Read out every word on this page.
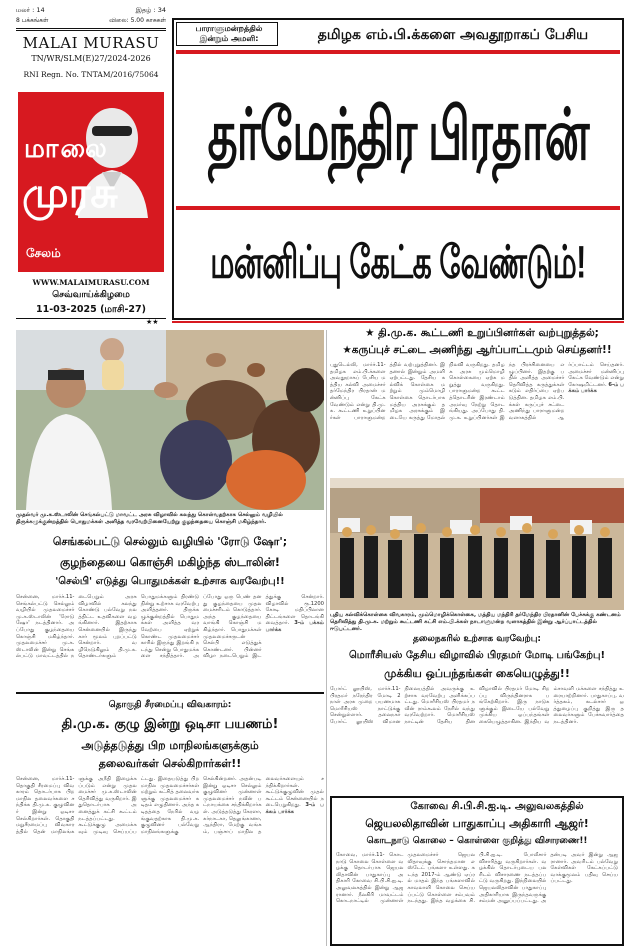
மலர் : 14	இதழ் : 34
8 பக்கங்கள்	விலை: 5.00 காசுகள்
MALAI MURASU
TN/WR/SLM(E)27/2024-2026
RNI Regn. No. TNTAM/2016/75064
மாலை
முரசு
சேலம்
WWW.MALAIMURASU.COM
செவ்வாய்க்கிழமை
11-03-2025 (மாசி-27)
★★
பாராளுமன்றத்தில் இன்றும் அமளி:	தமிழக எம்.பி.க்களை அவதூறாகப் பேசிய
தர்மேந்திர பிரதான்
மன்னிப்பு கேட்க வேண்டும்!
★ தி.மு.க. கூட்டணி உறுப்பினர்கள் வற்புறுத்தல்;
★கருப்புச் சட்டை அணிந்து ஆர்ப்பாட்டமும் செய்தனர்!!
புதுடெல்லி, மார்ச்.11- தமிழக எம்.பி.க்களை அவதூறாகப் பேசிய மத்திய கல்வி அமைச்சர் தர்மேந்திர பிரதான் மன்னிப்பு கேட்க வேண்டும் என்று தி.மு.க. கூட்டணி உறுப்பினர்கள் பாராளுமன்றத்தில் வற்புறுத்தினர். இதனால் இன்றும் அமளி ஏற்பட்டது. தேசிய கல்விக் கொள்கை மற்றும் மும்மொழி கொள்கை தொடர்பாக மத்திய அரசுக்கும் தமிழக அரசுக்கும் இடையே கருத்து மோதல் நிலவி வருகிறது. தமிழக அரசு மும்மொழி கொள்கையை ஏற்க மறுத்து வருகிறது. பாராளுமன்ற கூட்டத்தொடரின் இரண்டாம் அமர்வு நேற்று தொடங்கியது. அப்போது தி.மு.க. உறுப்பினர்கள் இந்த பிரச்சினையை எழுப்பினர். இதற்கு பதில் அளித்த அமைச்சர் தெரிவித்த கருத்துக்கள் கடும் எதிர்ப்பை ஏற்படுத்தின. தமிழக எம்.பி.க்கள் கருப்புச் சட்டை அணிந்து பாராளுமன்ற வளாகத்தில் ஆர்ப்பாட்டம் செய்தனர். அமைச்சர் மன்னிப்பு கேட்க வேண்டும் என்று கோஷமிட்டனர். 6-ம் பக்கம் பார்க்க
முதல்வர் மு.க.ஸ்டாலின் செங்கல்பட்டு மாவட்ட அரசு விழாவில் கலந்து கொள்வதற்காக செல்லும் வழியில் திருக்கழுக்குன்றத்தில் பொதுமக்கள் அளித்த வரவேற்பினையேற்று குழந்தையை கொஞ்சி மகிழ்ந்தார்.
செங்கல்பட்டு செல்லும் வழியில் 'ரோடு ஷோ';
குழந்தையை கொஞ்சி மகிழ்ந்த ஸ்டாலின்!
'செல்பி' எடுத்து பொதுமக்கள் உற்சாக வரவேற்பு!!
சென்னை, மார்ச்.11- செங்கல்பட்டு செல்லும் வழியில் முதலமைச்சர் மு.க.ஸ்டாலின் 'ரோடு ஷோ' நடத்தினார். அப்போது குழந்தையை கொஞ்சி மகிழ்ந்தார். முதலமைச்சர் மு.க.ஸ்டாலின் இன்று செங்கல்பட்டு மாவட்டத்தில் நடைபெறும் அரசு விழாவில் கலந்து கொண்டு பல்வேறு நலத்திட்ட உதவிகளை வழங்கினார். இதற்காக சென்னையில் இருந்து கார் மூலம் புறப்பட்டு சென்றார். வழிநெடுகிலும் தி.மு.க. தொண்டர்களும் பொதுமக்களும் திரண்டு நின்று உற்சாக வரவேற்பு அளித்தனர். திருக்கழுக்குன்றத்தில் பொதுமக்கள் அளித்த வரவேற்பை ஏற்றுக் கொண்ட முதலமைச்சர் காரில் இருந்து இறங்கி நடந்து சென்று பொதுமக்களை சந்தித்தார். அப்போது ஒரு பெண் தனது குழந்தையை முதலமைச்சரிடம் கொடுத்தார். அந்த குழந்தையை வாங்கி கொஞ்சி மகிழ்ந்தார். பொதுமக்கள் முதலமைச்சருடன் செல்பி எடுத்துக் கொண்டனர். பின்னர் விழா நடைபெறும் இடத்துக்கு சென்றார். விழாவில் ரூ.1200 கோடி மதிப்பிலான திட்டங்களை தொடங்கி வைத்தார். 3-ம் பக்கம் பார்க்க
புதிய கல்விக்கொள்கை விவகாரம், மும்மொழிக்கொள்கை, மத்திய மந்திரி தர்மேந்திர பிரதானின் பேச்சுக்கு கண்டனம் தெரிவித்து தி.மு.க. மற்றும் கூட்டணி கட்சி எம்.பி.க்கள் நாடாளுமன்ற வளாகத்தில் இன்று ஆர்ப்பாட்டத்தில் ஈடுபட்டனர்.
தலைநகரில் உற்சாக வரவேற்பு:
மொரீசியஸ் தேசிய விழாவில் பிரதமர் மோடி பங்கேற்பு!
முக்கிய ஒப்பந்தங்கள் கையெழுத்து!!
போர்ட் லூயிஸ், மார்ச்.11- பிரதமர் நரேந்திர மோடி 2 நாள் அரசு முறை பயணமாக மொரீசியஸ் நாட்டுக்கு சென்றுள்ளார். தலைநகர் போர்ட் லூயிஸ் விமான நிலையத்தில் அவருக்கு உற்சாக வரவேற்பு அளிக்கப்பட்டது. மொரீசியஸ் பிரதமர் நவீன் ராம்கூலம் நேரில் வந்து வரவேற்றார். மொரீசியஸ் நாட்டின் தேசிய தின விழாவில் பிரதமர் மோடி சிறப்பு விருந்தினராக பங்கேற்கிறார். இரு நாடுகளுக்கும் இடையே பல்வேறு முக்கிய ஒப்பந்தங்கள் கையெழுத்தாகின. இந்திய வம்சாவளி மக்களை சந்தித்து உரையாற்றினார். பாதுகாப்பு, வர்த்தகம், கடல்சார் ஒத்துழைப்பு குறித்து இரு தலைவர்களும் பேச்சுவார்த்தை நடத்தினர்.
தொகுதி சீரமைப்பு விவகாரம்:
தி.மு.க. குழு இன்று ஒடிசா பயணம்!
அடுத்தடுத்து பிற மாநிலங்களுக்கும்
தலைவர்கள் செல்கிறார்கள்!!
சென்னை, மார்ச்.11- தொகுதி சீரமைப்பு விவகாரம் தொடர்பாக பிற மாநில தலைவர்களை சந்திக்க தி.மு.க. குழுவினர் இன்று ஒடிசா செல்கிறார்கள். தொகுதி மறுசீரமைப்பு விவகாரத்தில் தென் மாநிலங்களுக்கு அநீதி இழைக்கப்படும் என்று முதலமைச்சர் மு.க.ஸ்டாலின் தெரிவித்து வருகிறார். இதுதொடர்பாக அனைத்துக் கட்சி கூட்டம் நடத்தப்பட்டது. கூட்டுக்குழு அமைக்கவும் முடிவு செய்யப்பட்டது. இதையடுத்து பிற மாநில முதலமைச்சர்கள் மற்றும் கட்சித் தலைவர்களுக்கு முதலமைச்சர் கடிதம் எழுதினார். அந்த கடிதத்தை நேரில் வழங்குவதற்காக தி.மு.க. குழுவினர் பல்வேறு மாநிலங்களுக்கு செல்கின்றனர். அதன்படி இன்று ஒடிசா செல்லும் குழுவினர் முன்னாள் முதலமைச்சர் நவீன் பட்நாயக்கை சந்திக்கிறார்கள். அடுத்தடுத்து கேரளா, கர்நாடகா, தெலுங்கானா, ஆந்திரா, மேற்கு வங்கம், பஞ்சாப் மாநில தலைவர்களையும் சந்திக்கிறார்கள். கூட்டுக்குழுவின் முதல் கூட்டம் சென்னையில் நடைபெறுகிறது. 3-ம் பக்கம் பார்க்க	கோவை சி.பி.சி.ஐ.டி. அலுவலகத்தில்
ஜெயலலிதாவின் பாதுகாப்பு அதிகாரி ஆஜர்!
கொடநாடு கொலை – கொள்ளை குறித்து விசாரணை!!
கோவை, மார்ச்.11- கொடநாடு கொலை கொள்ளை வழக்கு தொடர்பாக ஜெயலலிதாவின் பாதுகாப்பு அதிகாரி கோவை சி.பி.சி.ஐ.டி. அலுவலகத்தில் இன்று ஆஜரானார். நீலகிரி மாவட்டம் கொடநாட்டில் முன்னாள் முதலமைச்சர் ஜெயலலிதாவுக்கு சொந்தமான எஸ்டேட் பங்களா உள்ளது. கடந்த 2017-ம் ஆண்டு ஏப்ரல் மாதம் இந்த பங்களாவில் காவலாளி கொலை செய்யப்பட்டு கொள்ளை சம்பவம் நடந்தது. இந்த வழக்கை சி.பி.சி.ஐ.டி. போலீசார் விசாரித்து வருகிறார்கள். வழக்கில் தொடர்புடைய பலரிடம் விசாரணை நடத்தப்பட்டு வருகிறது. இந்நிலையில் ஜெயலலிதாவின் பாதுகாப்பு அதிகாரியாக இருந்தவருக்கு சம்மன் அனுப்பப்பட்டது. அதன்படி அவர் இன்று ஆஜரானார். அவரிடம் பல்வேறு கேள்விகள் கேட்கப்பட்டு வாக்குமூலம் பதிவு செய்யப்பட்டது.
